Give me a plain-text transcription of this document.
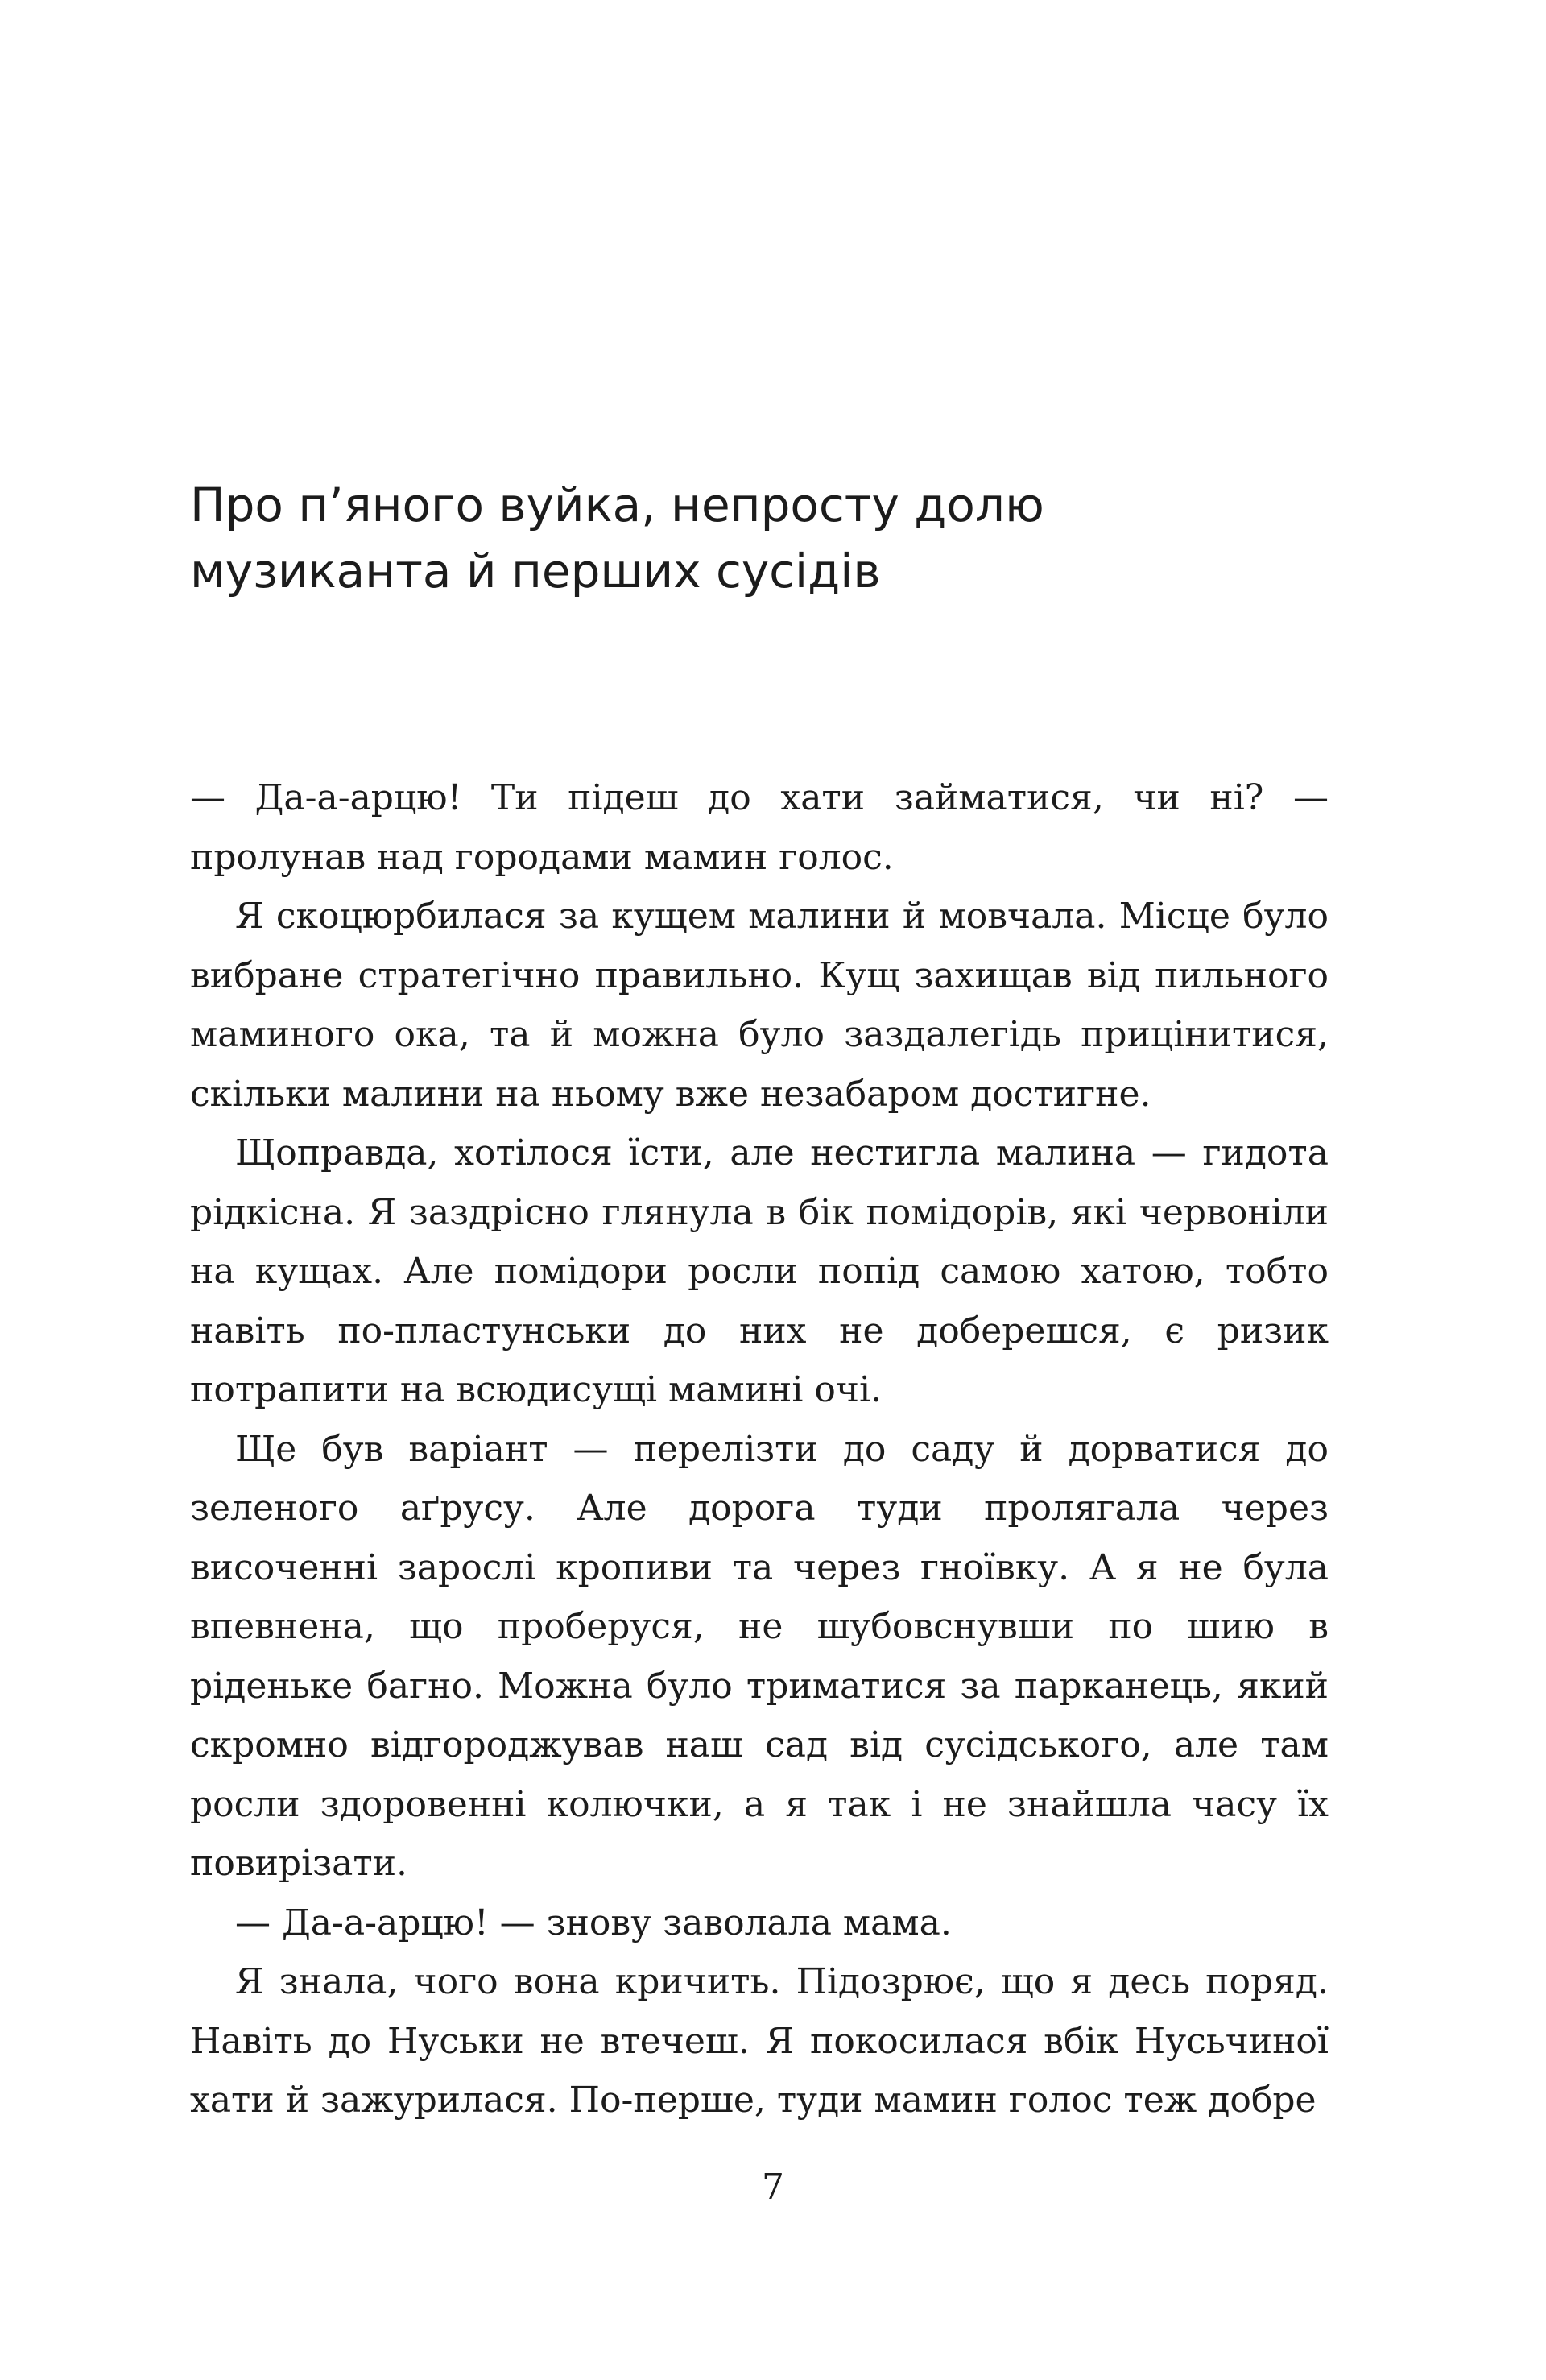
Про п’яного вуйка, непросту долю
музиканта й перших сусідів

— Да-а-арцю! Ти підеш до хати займатися, чи ні? — пролунав над городами мамин голос.

Я скоцюрбилася за кущем малини й мовчала. Місце було вибране стратегічно правильно. Кущ захищав від пильного маминого ока, та й можна було заздалегідь прицінитися, скільки малини на ньому вже незабаром достигне.

Щоправда, хотілося їсти, але нестигла малина — гидота рідкісна. Я заздрісно глянула в бік помідорів, які червоніли на кущах. Але помідори росли попід самою хатою, тобто навіть по-пластунськи до них не доберешся, є ризик потрапити на всюдисущі мамині очі.

Ще був варіант — перелізти до саду й дорватися до зеленого аґрусу. Але дорога туди пролягала через височенні зарослі кропиви та через гноївку. А я не була впевнена, що проберуся, не шубовснувши по шию в ріденьке багно. Можна було триматися за парканець, який скромно відгороджував наш сад від сусідського, але там росли здоровенні колючки, а я так і не знайшла часу їх повирізати.

— Да-а-арцю! — знову заволала мама.

Я знала, чого вона кричить. Підозрює, що я десь поряд. Навіть до Нуськи не втечеш. Я покосилася вбік Нусьчиної хати й зажурилася. По-перше, туди мамин голос теж добре

7
